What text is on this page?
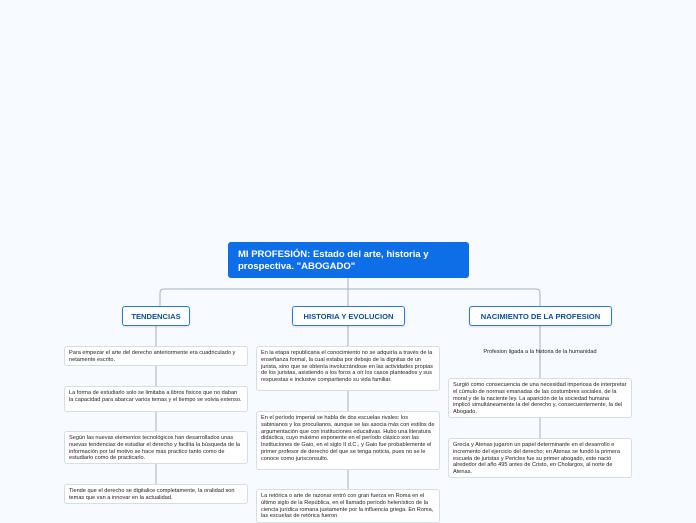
MI PROFESIÓN: Estado del arte, historia y prospectiva. "ABOGADO"
TENDENCIAS
Para empezar el arte del derecho anteriormente era cuadriculado y netamente escrito.
La forma de estudiarlo solo se limitaba a libros fisicos que no daban la capacidad para abarcar varios temas y el tiempo se volvia extenso.
Según las nuevas elementos tecnológicos han desarrollados unas nuevas tendencias de estudiar el derecho y facilita la búsqueda de la información por tal motivo se hace mas practico tanto como de estudiarlo como de practicarlo.
Tiende que el derecho se digitalice completamente, la oralidad son temas que van a innovar en la actualidad.
HISTORIA Y EVOLUCION
En la etapa republicana el conocimiento no se adquiría a través de la enseñanza formal, la cual estaba por debajo de la dignitas de un jurista, sino que se obtenía involucrándose en las actividades propias de los juristas, asistiendo a los foros a oír los casos planteados y sus respuestas e inclusive compartiendo su vida familiar.
En el período imperial se habla de dos escuelas rivales: los sabinianos y los proculianos, aunque se las asocia más con estilos de argumentación que con instituciones educativas. Hubo una literatura didáctica, cuyo máximo exponente en el período clásico son las Instituciones de Gaio, en el siglo II d.C., y Gaio fue probablemente el primer profesor de derecho del que se tenga noticia, pues no se le conoce como jurisconsulto.
La retórica o arte de razonar entró con gran fuerza en Roma en el último siglo de la República, en el llamado período helenístico de la ciencia jurídica romana justamente por la influencia griega. En Roma, las escuelas de retórica fueron
NACIMIENTO DE LA PROFESION
Profesion ligada a la historia de la humanidad
Surgió como consecuencia de una necesidad imperiosa de interpretar el cúmulo de normas emanadas de las costumbres sociales, de la moral y de la naciente ley. La aparición de la sociedad humana implicó simultáneamente la del derecho y, consecuentemente, la del Abogado.
Grecia y Atenas jugaron un papel determinante en el desarrollo e incremento del ejercicio del derecho; en Atenas se fundó la primera escuela de juristas y Pericles fue su primer abogado, este nació alrededor del año 495 antes de Cristo, en Cholargos, al norte de Atenas.
